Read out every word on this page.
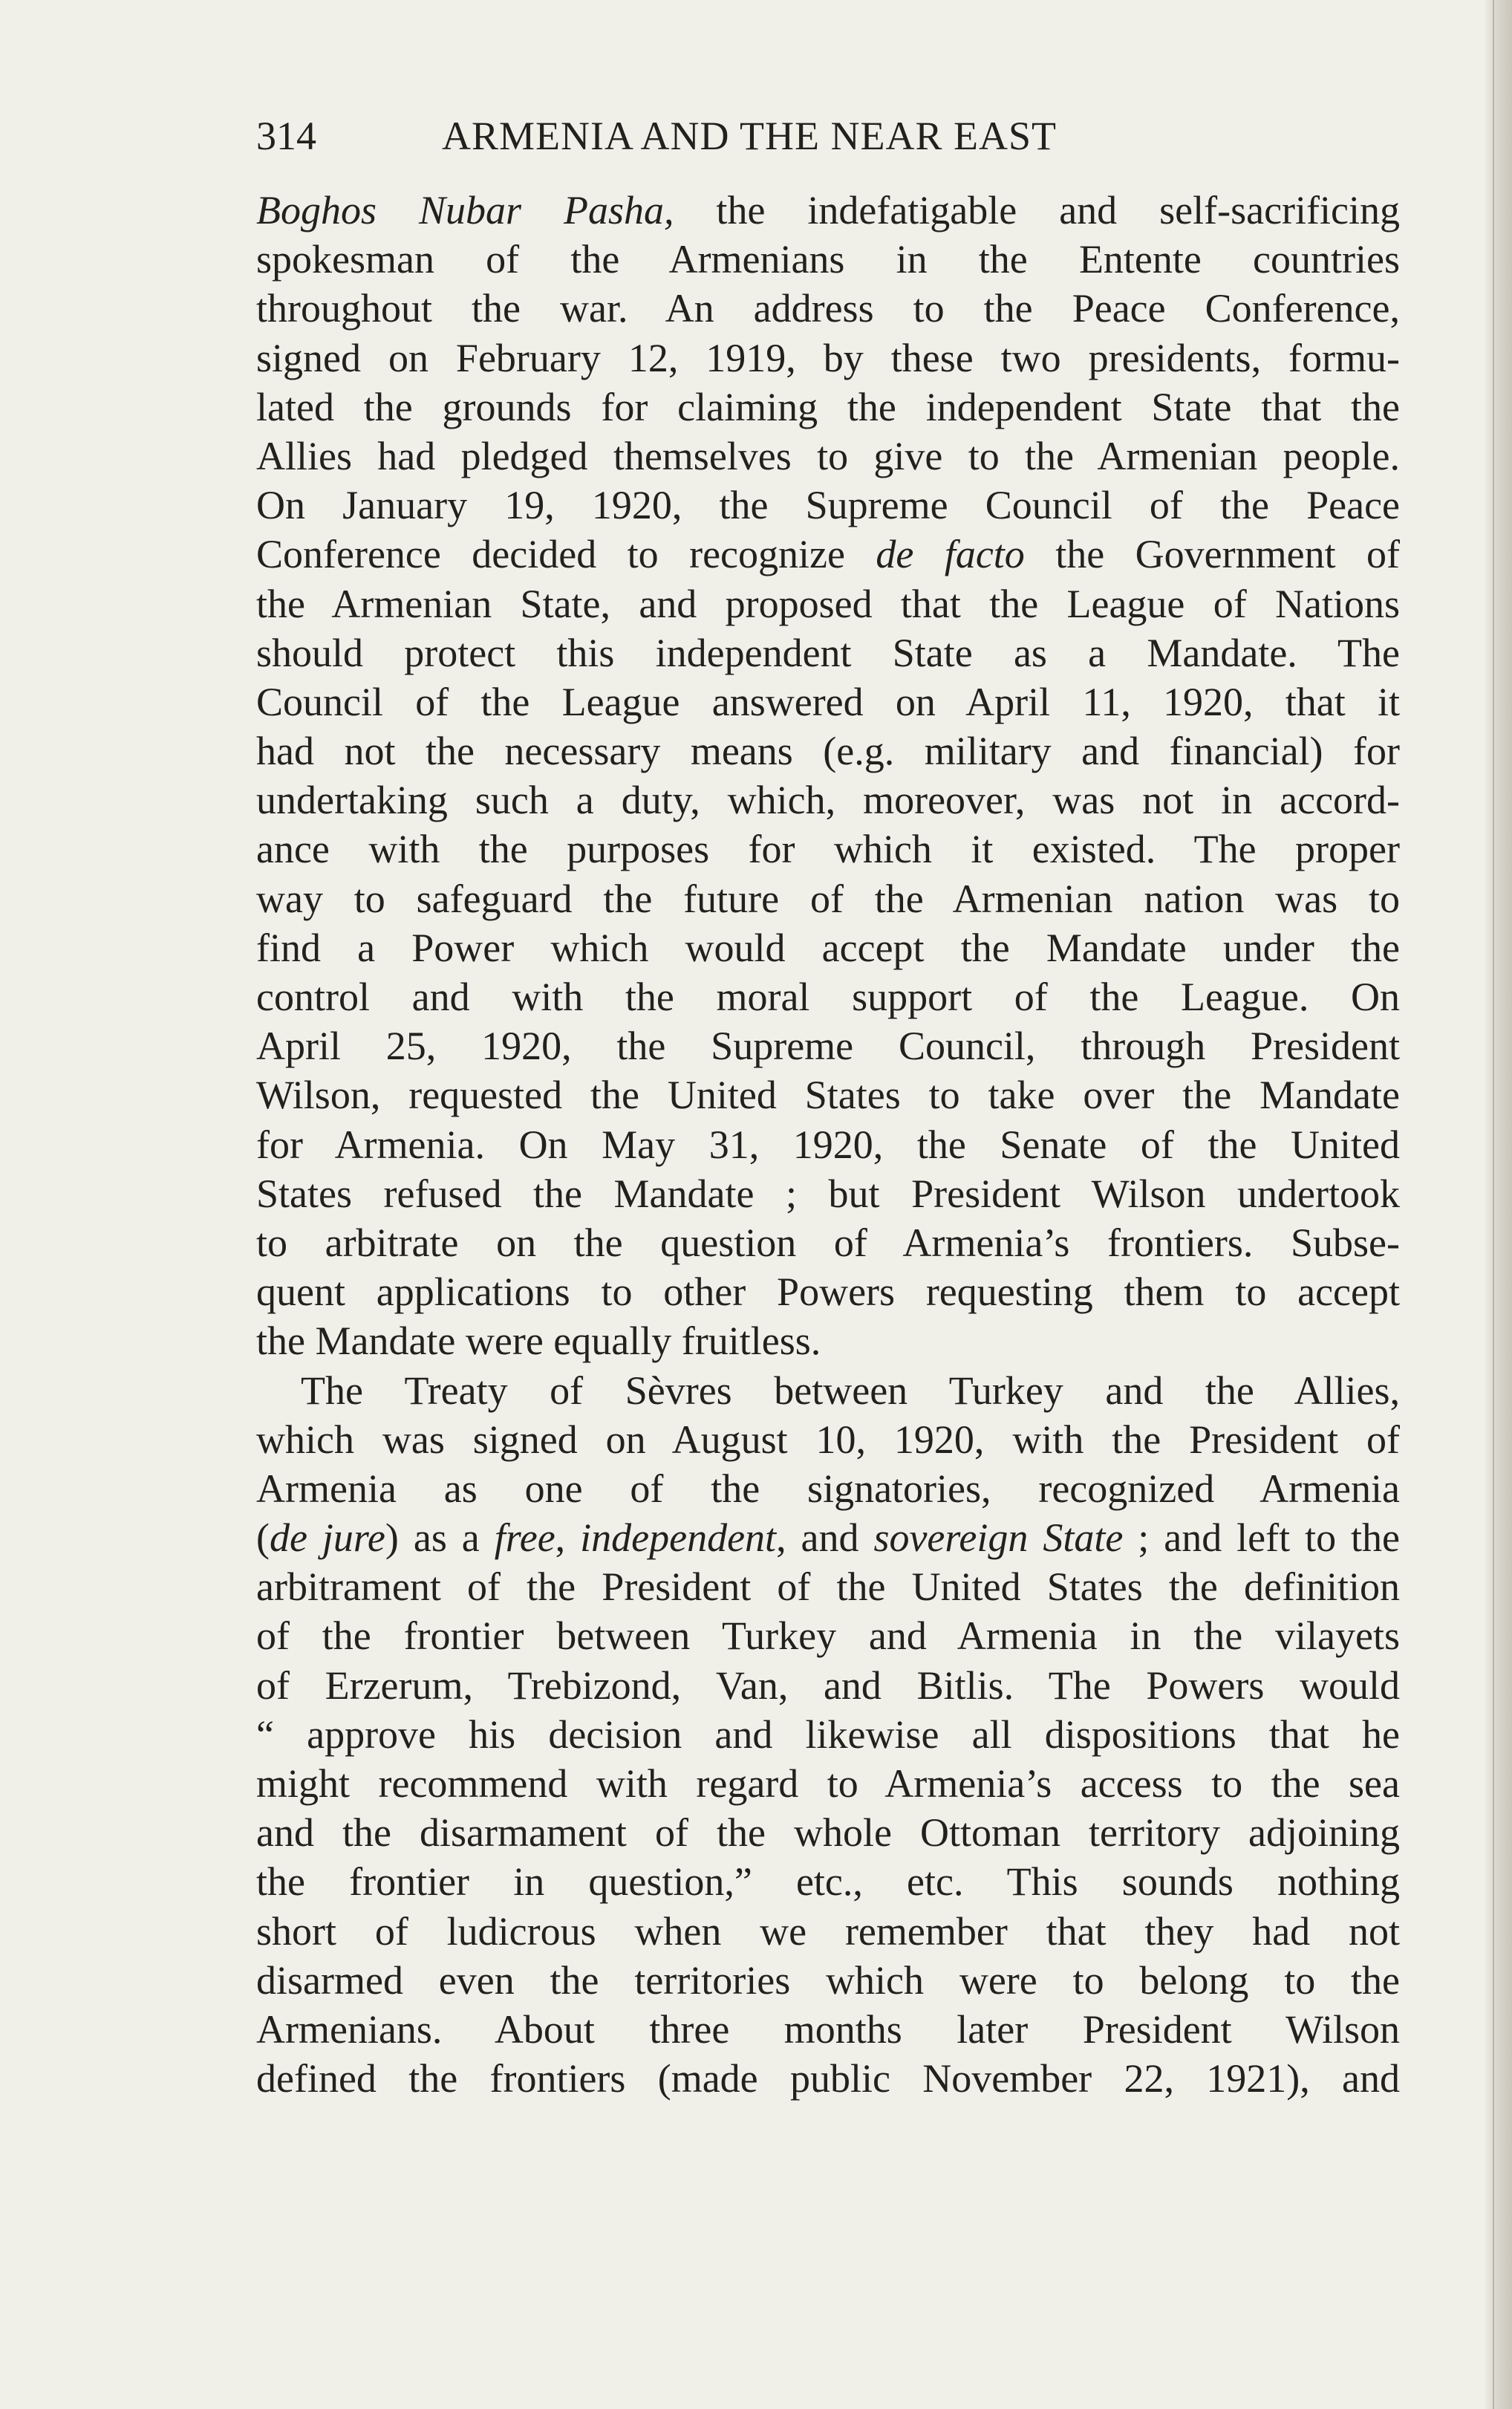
314	ARMENIA AND THE NEAR EAST
Boghos Nubar Pasha, the indefatigable and self-sacrificing
spokesman of the Armenians in the Entente countries
throughout the war. An address to the Peace Conference,
signed on February 12, 1919, by these two presidents, formu-
lated the grounds for claiming the independent State that the
Allies had pledged themselves to give to the Armenian people.
On January 19, 1920, the Supreme Council of the Peace
Conference decided to recognize de facto the Government of
the Armenian State, and proposed that the League of Nations
should protect this independent State as a Mandate. The
Council of the League answered on April 11, 1920, that it
had not the necessary means (e.g. military and financial) for
undertaking such a duty, which, moreover, was not in accord-
ance with the purposes for which it existed. The proper
way to safeguard the future of the Armenian nation was to
find a Power which would accept the Mandate under the
control and with the moral support of the League. On
April 25, 1920, the Supreme Council, through President
Wilson, requested the United States to take over the Mandate
for Armenia. On May 31, 1920, the Senate of the United
States refused the Mandate ; but President Wilson undertook
to arbitrate on the question of Armenia’s frontiers. Subse-
quent applications to other Powers requesting them to accept
the Mandate were equally fruitless.
The Treaty of Sèvres between Turkey and the Allies,
which was signed on August 10, 1920, with the President of
Armenia as one of the signatories, recognized Armenia
(de jure) as a free, independent, and sovereign State ; and left to the
arbitrament of the President of the United States the definition
of the frontier between Turkey and Armenia in the vilayets
of Erzerum, Trebizond, Van, and Bitlis. The Powers would
“ approve his decision and likewise all dispositions that he
might recommend with regard to Armenia’s access to the sea
and the disarmament of the whole Ottoman territory adjoining
the frontier in question,” etc., etc. This sounds nothing
short of ludicrous when we remember that they had not
disarmed even the territories which were to belong to the
Armenians. About three months later President Wilson
defined the frontiers (made public November 22, 1921), and
